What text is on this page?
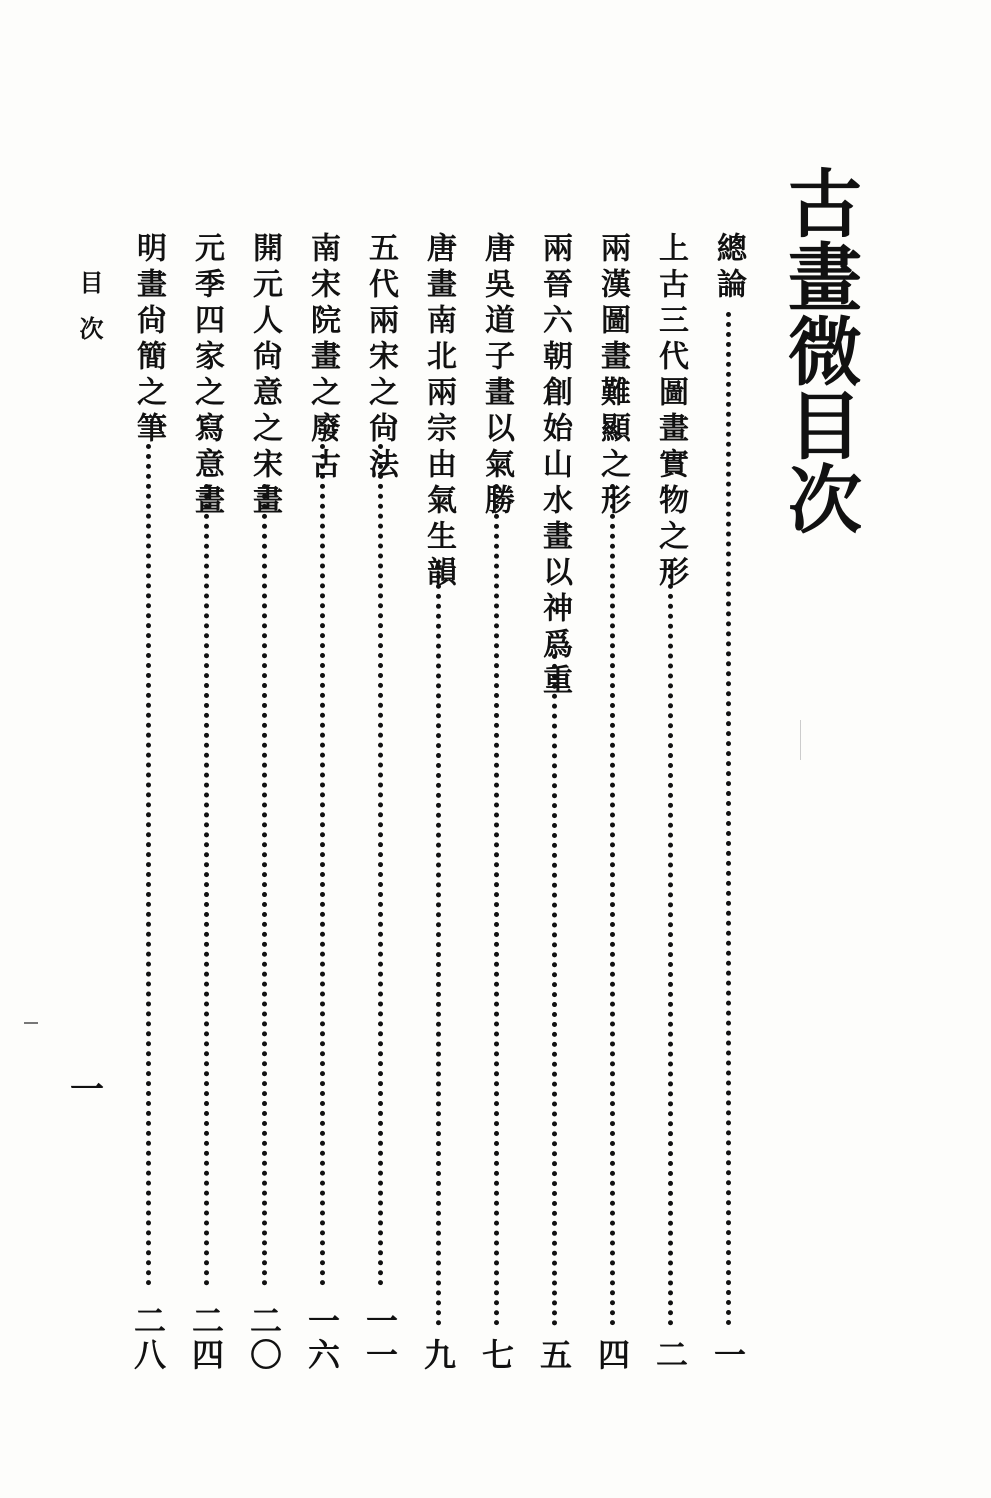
古畫微目次
總論
一
上古三代圖畫實物之形
二
兩漢圖畫難顯之形
四
兩晉六朝創始山水畫以神爲重
五
唐吳道子畫以氣勝
七
唐畫南北兩宗由氣生韻
九
五代兩宋之尙法
一一
南宋院畫之廢古
一六
開元人尙意之宋畫
二〇
元季四家之寫意畫
二四
明畫尙簡之筆
二八
目次
一
